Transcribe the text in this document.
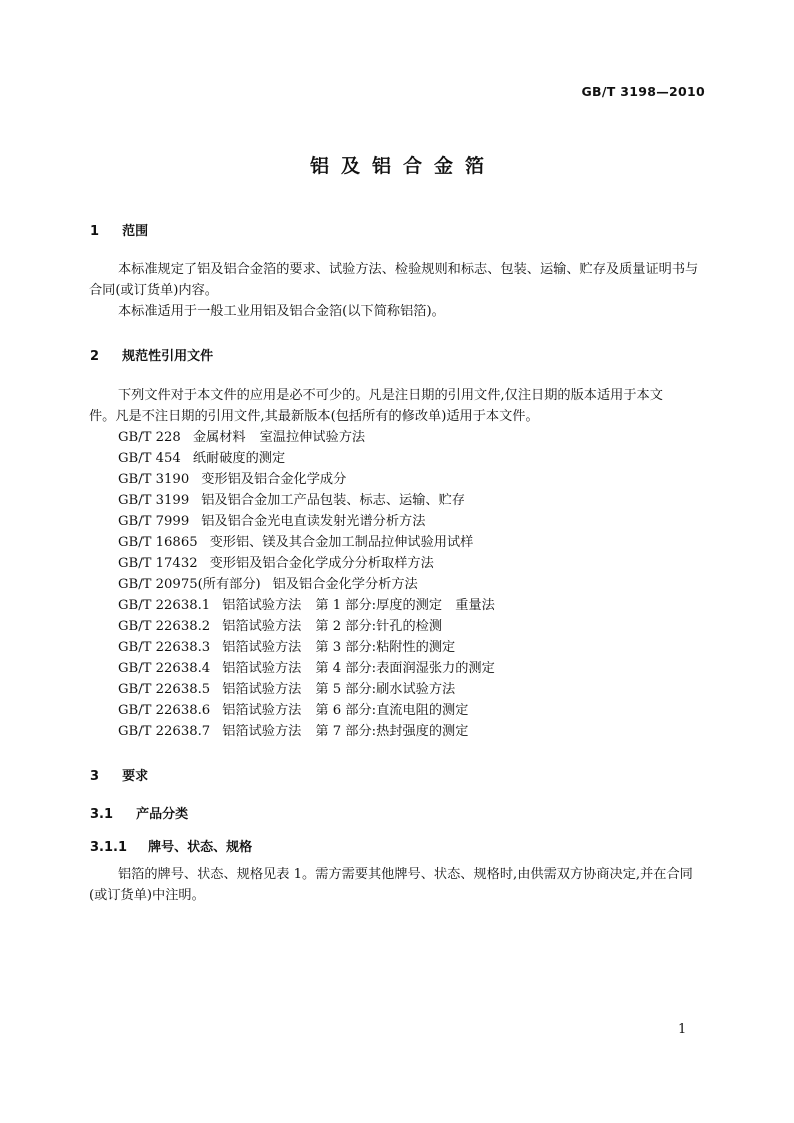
GB/T 3198—2010
铝及铝合金箔
1 范围
本标准规定了铝及铝合金箔的要求、试验方法、检验规则和标志、包装、运输、贮存及质量证明书与
合同(或订货单)内容。
本标准适用于一般工业用铝及铝合金箔(以下简称铝箔)。
2 规范性引用文件
下列文件对于本文件的应用是必不可少的。凡是注日期的引用文件,仅注日期的版本适用于本文
件。凡是不注日期的引用文件,其最新版本(包括所有的修改单)适用于本文件。
GB/T 228 金属材料 室温拉伸试验方法
GB/T 454 纸耐破度的测定
GB/T 3190 变形铝及铝合金化学成分
GB/T 3199 铝及铝合金加工产品包装、标志、运输、贮存
GB/T 7999 铝及铝合金光电直读发射光谱分析方法
GB/T 16865 变形铝、镁及其合金加工制品拉伸试验用试样
GB/T 17432 变形铝及铝合金化学成分分析取样方法
GB/T 20975(所有部分) 铝及铝合金化学分析方法
GB/T 22638.1 铝箔试验方法 第 1 部分:厚度的测定　重量法
GB/T 22638.2 铝箔试验方法 第 2 部分:针孔的检测
GB/T 22638.3 铝箔试验方法 第 3 部分:粘附性的测定
GB/T 22638.4 铝箔试验方法 第 4 部分:表面润湿张力的测定
GB/T 22638.5 铝箔试验方法 第 5 部分:刷水试验方法
GB/T 22638.6 铝箔试验方法 第 6 部分:直流电阻的测定
GB/T 22638.7 铝箔试验方法 第 7 部分:热封强度的测定
3 要求
3.1 产品分类
3.1.1 牌号、状态、规格
铝箔的牌号、状态、规格见表 1。需方需要其他牌号、状态、规格时,由供需双方协商决定,并在合同
(或订货单)中注明。
1
